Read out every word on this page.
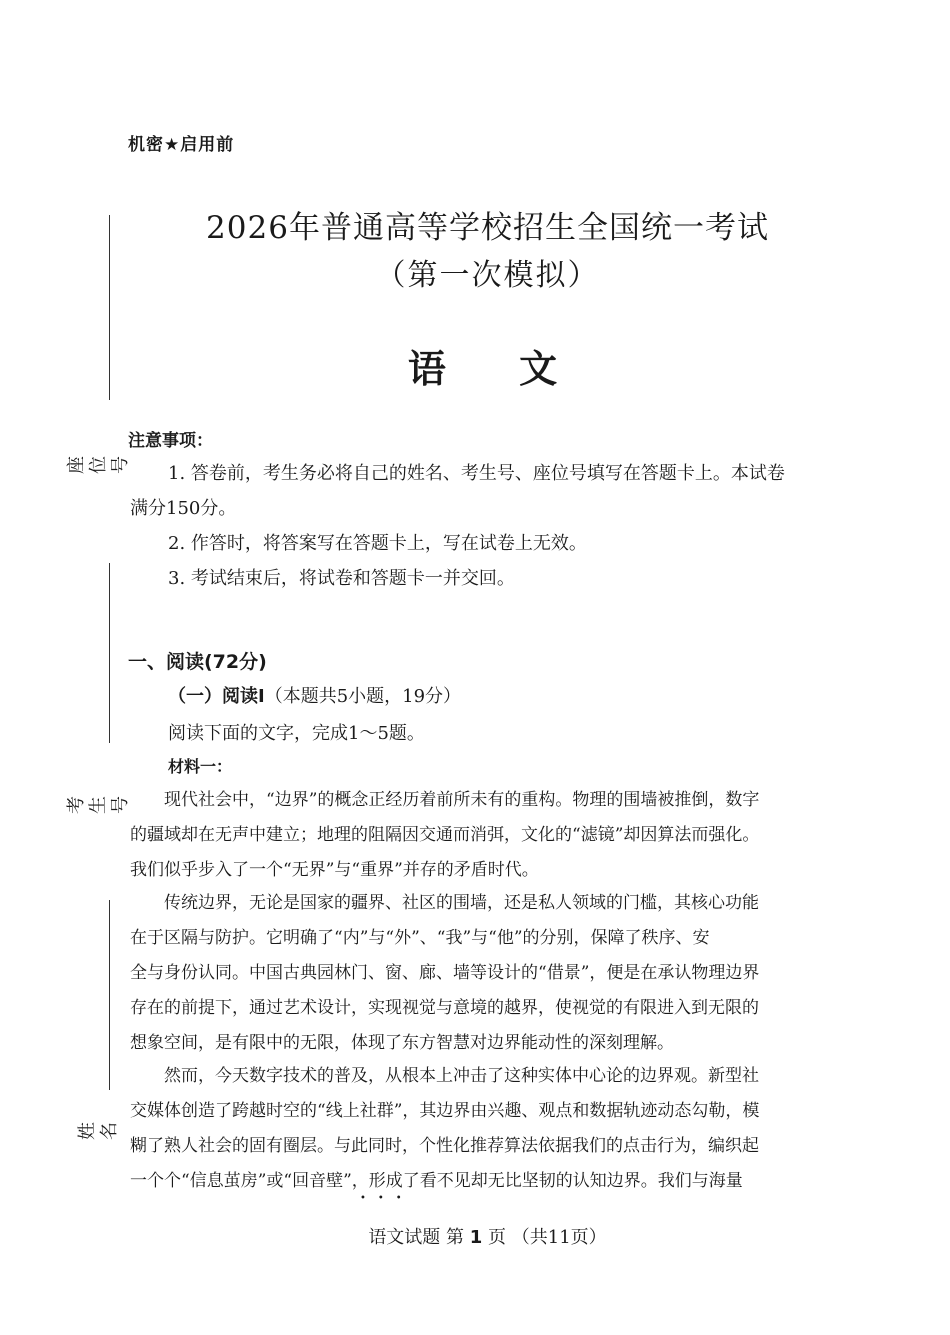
座位号
考生号
姓名
机密★启用前
2026年普通高等学校招生全国统一考试
（第一次模拟）
语 文
注意事项：
1. 答卷前，考生务必将自己的姓名、考生号、座位号填写在答题卡上。本试卷
满分150分。
2. 作答时，将答案写在答题卡上，写在试卷上无效。
3. 考试结束后，将试卷和答题卡一并交回。
一、阅读(72分)
（一）阅读Ⅰ（本题共5小题，19分）
阅读下面的文字，完成1～5题。
材料一：
　　现代社会中，“边界”的概念正经历着前所未有的重构。物理的围墙被推倒，数字
的疆域却在无声中建立；地理的阻隔因交通而消弭，文化的“滤镜”却因算法而强化。
我们似乎步入了一个“无界”与“重界”并存的矛盾时代。
　　传统边界，无论是国家的疆界、社区的围墙，还是私人领域的门槛，其核心功能
在于区隔与防护。它明确了“内”与“外”、“我”与“他”的分别，保障了秩序、安
全与身份认同。中国古典园林门、窗、廊、墙等设计的“借景”，便是在承认物理边界
存在的前提下，通过艺术设计，实现视觉与意境的越界，使视觉的有限进入到无限的
想象空间，是有限中的无限，体现了东方智慧对边界能动性的深刻理解。
　　然而，今天数字技术的普及，从根本上冲击了这种实体中心论的边界观。新型社
交媒体创造了跨越时空的“线上社群”，其边界由兴趣、观点和数据轨迹动态勾勒，模
糊了熟人社会的固有圈层。与此同时，个性化推荐算法依据我们的点击行为，编织起
一个个“信息茧房”或“回音壁”，形成了看不见却无比坚韧的认知边界。我们与海量
•••
语文试题 第 1 页 （共11页）
